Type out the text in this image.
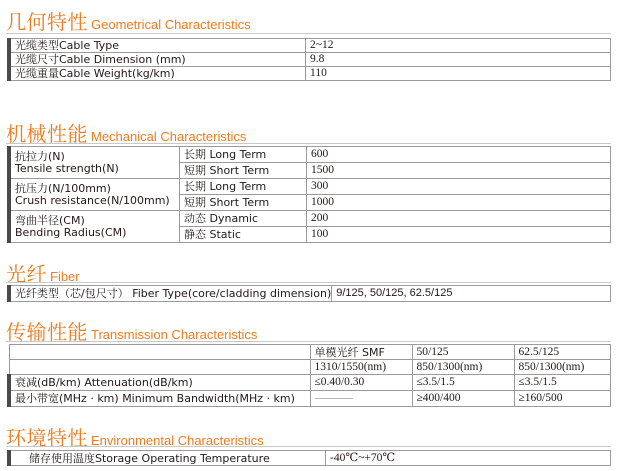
几何特性 Geometrical Characteristics
光缆类型Cable Type	2~12
光缆尺寸Cable Dimension (mm)	9.8
光缆重量Cable Weight(kg/km)	110
机械性能 Mechanical Characteristics
抗拉力(N)
Tensile strength(N)	长期 Long Term	600
	短期 Short Term	1500

抗压力(N/100mm)
Crush resistance(N/100mm)	长期 Long Term	300
	短期 Short Term	1000

弯曲半径(CM)
Bending Radius(CM)	动态 Dynamic	200
	静态 Static	100
光纤 Fiber
光纤类型（芯/包尺寸） Fiber Type(core/cladding dimension)	9/125, 50/125, 62.5/125
传输性能 Transmission Characteristics
	单模光纤 SMF	50/125	62.5/125
	1310/1550(nm)	850/1300(nm)	850/1300(nm)
衰减(dB/km) Attenuation(dB/km)	≤0.40/0.30	≤3.5/1.5	≤3.5/1.5
最小带宽(MHz · km) Minimum Bandwidth(MHz · km)	···················	≥400/400	≥160/500
环境特性 Environmental Characteristics
储存使用温度Storage Operating Temperature	-40℃~+70℃
